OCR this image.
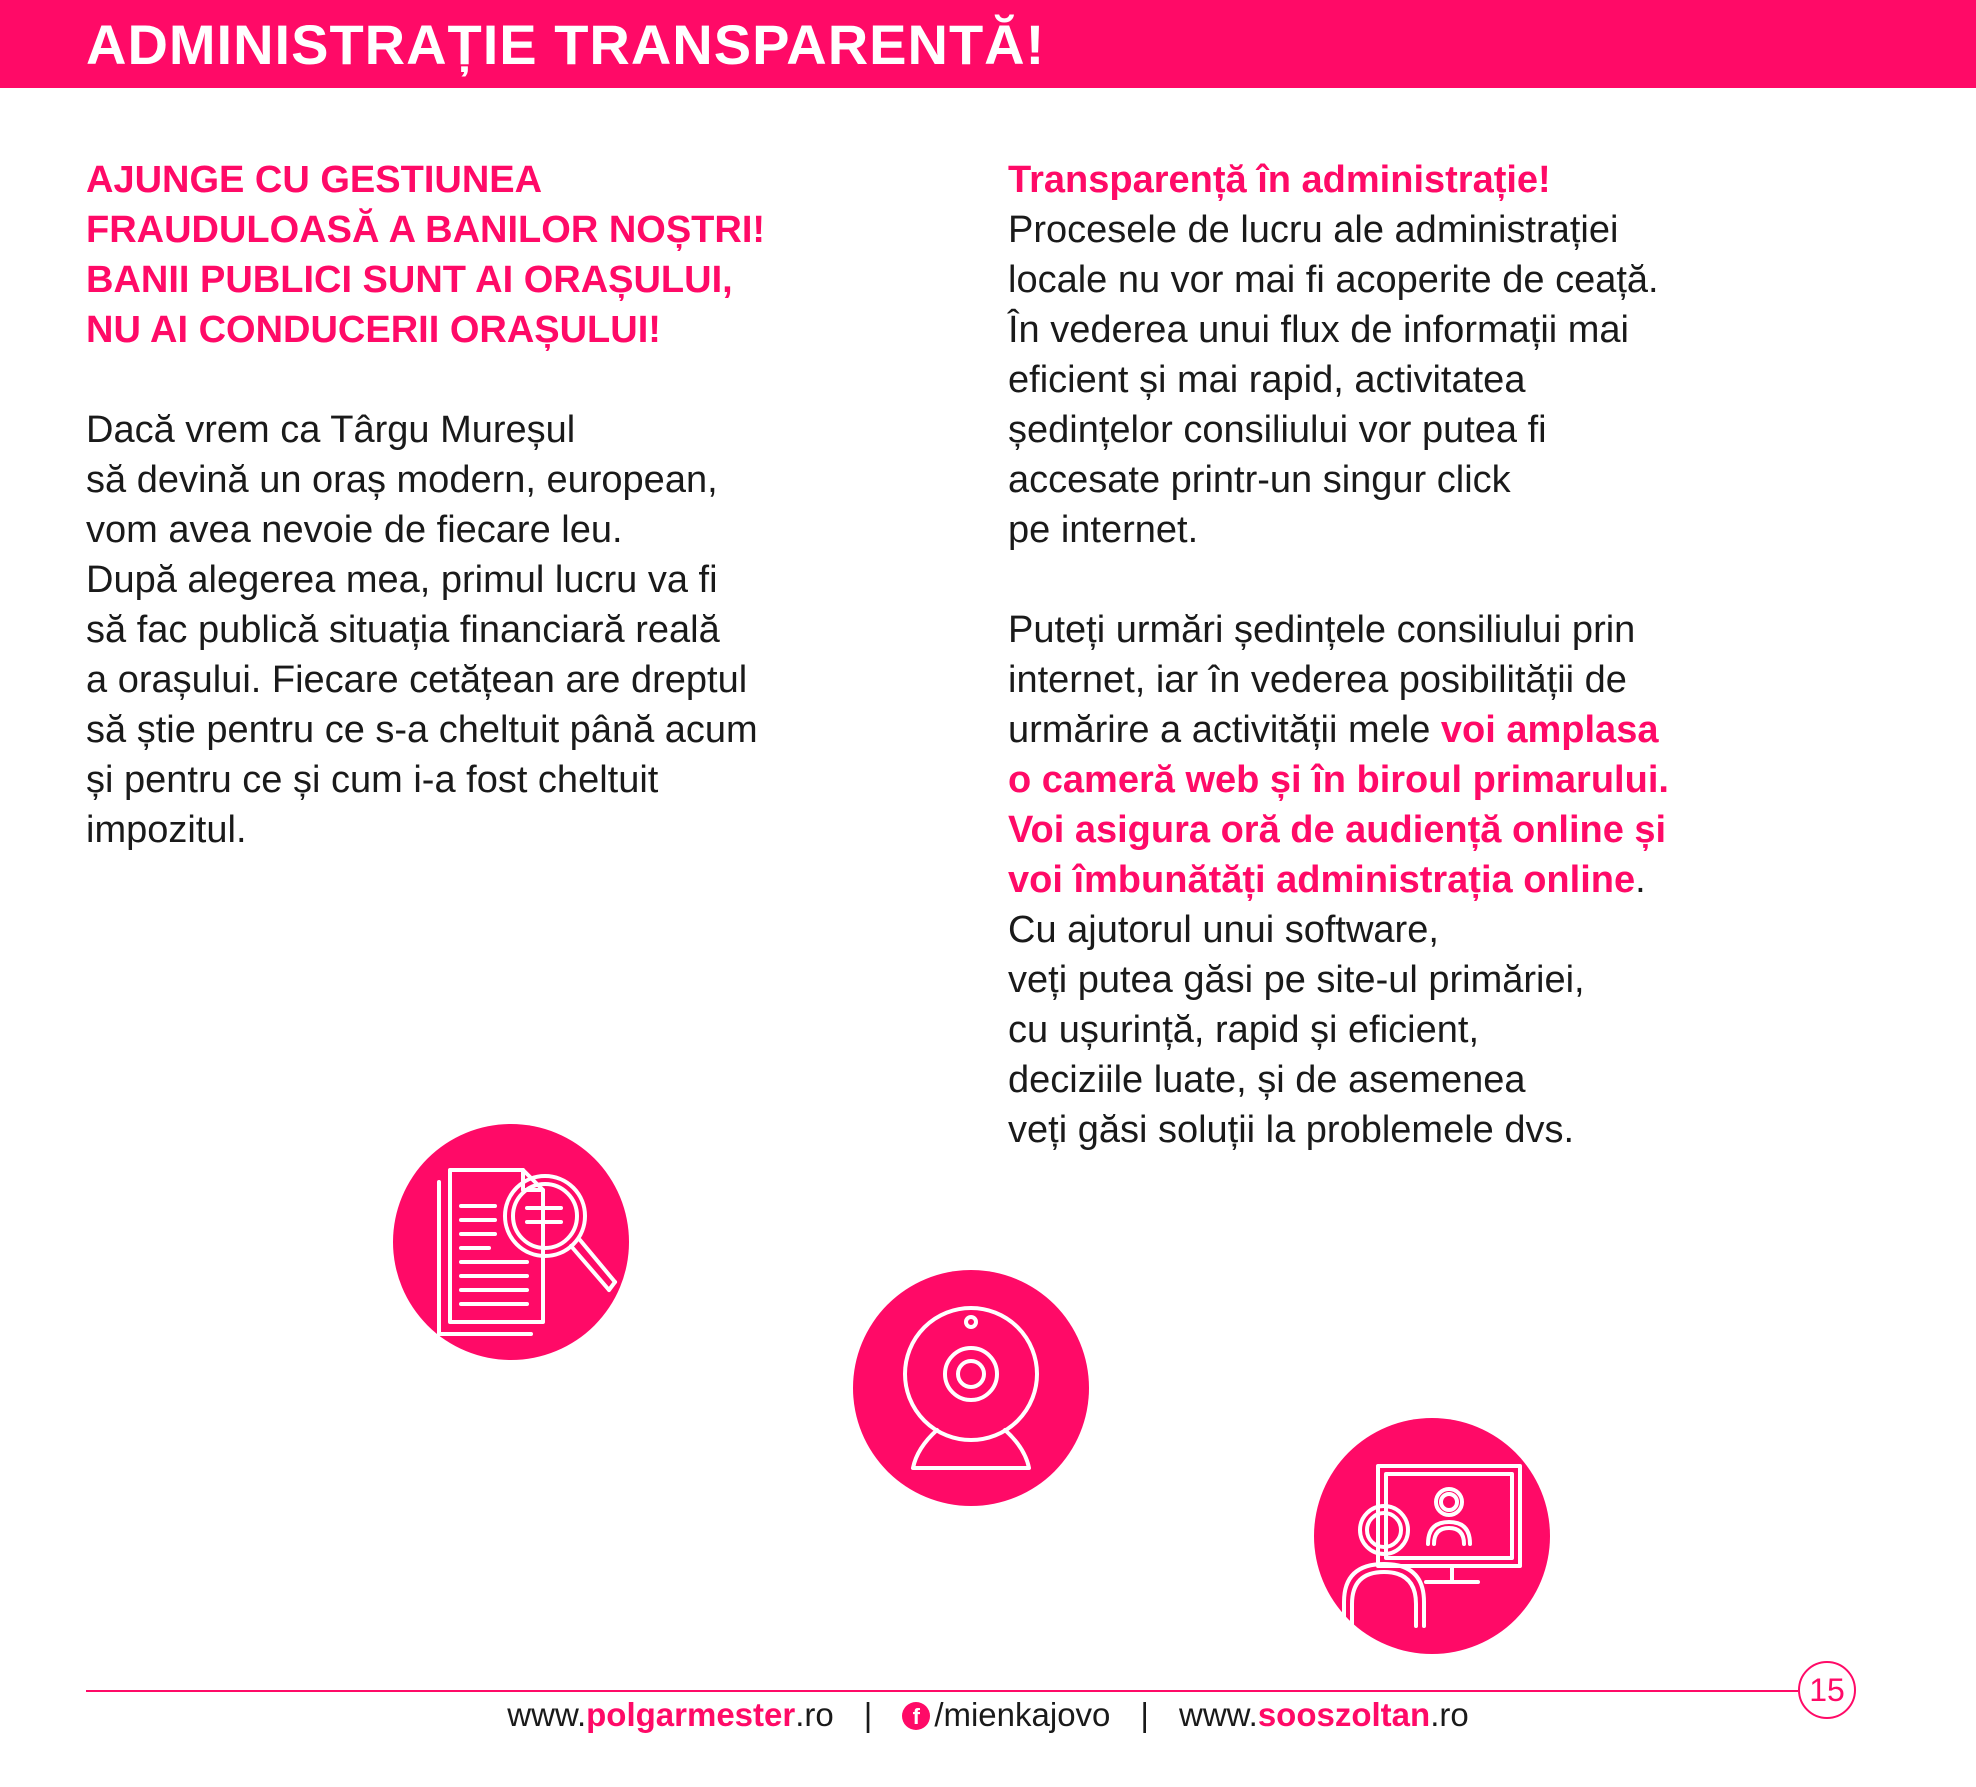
ADMINISTRAȚIE TRANSPARENTĂ!

AJUNGE CU GESTIUNEA

FRAUDULOASĂ A BANILOR NOȘTRI!

BANII PUBLICI SUNT AI ORAȘULUI,

NU AI CONDUCERII ORAȘULUI!

Dacă vrem ca Târgu Mureșul

să devină un oraș modern, european,

vom avea nevoie de fiecare leu.

După alegerea mea, primul lucru va fi

să fac publică situația financiară reală

a orașului. Fiecare cetățean are dreptul

să știe pentru ce s-a cheltuit până acum

și pentru ce și cum i-a fost cheltuit

impozitul.

Transparență în administrație!

Procesele de lucru ale administrației

locale nu vor mai fi acoperite de ceață.

În vederea unui flux de informații mai

eficient și mai rapid, activitatea

ședințelor consiliului vor putea fi

accesate printr-un singur click

pe internet.

Puteți urmări ședințele consiliului prin

internet, iar în vederea posibilității de

urmărire a activității mele voi amplasa

o cameră web și în biroul primarului.

Voi asigura oră de audiență online și

voi îmbunătăți administrația online.

Cu ajutorul unui software,

veți putea găsi pe site-ul primăriei,

cu ușurință, rapid și eficient,

deciziile luate, și de asemenea

veți găsi soluții la problemele dvs.

15
www.polgarmester.ro | f /mienkajovo | www.sooszoltan.ro
